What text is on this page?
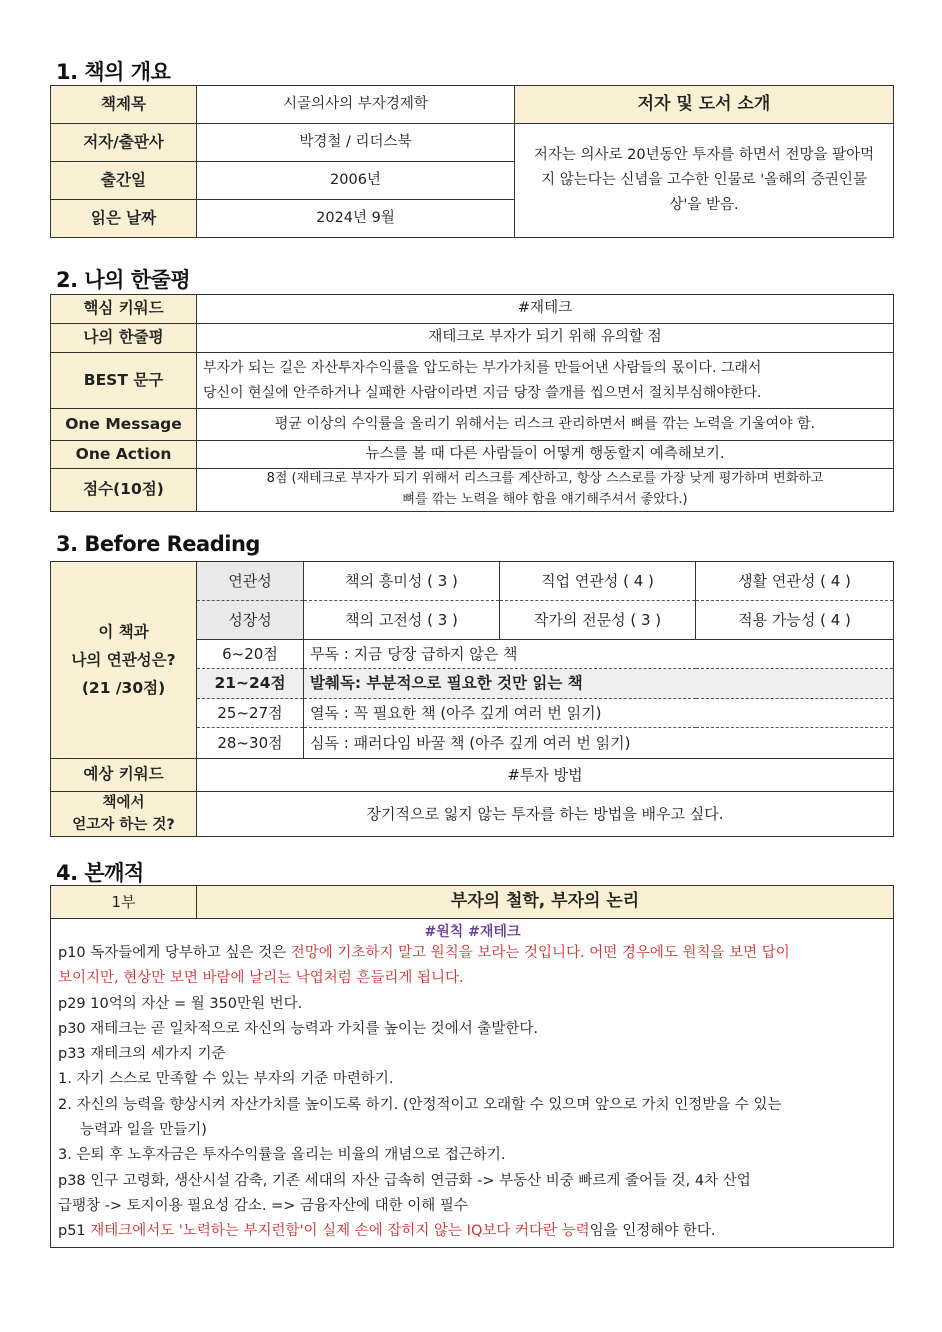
1. 책의 개요
책제목	시골의사의 부자경제학	저자 및 도서 소개
저자/출판사	박경철 / 리더스북	저자는 의사로 20년동안 투자를 하면서 전망을 팔아먹지 않는다는 신념을 고수한 인물로 '올해의 증권인물상'을 받음.
출간일	2006년	
읽은 날짜	2024년 9월	
2. 나의 한줄평
핵심 키워드	#재테크
나의 한줄평	재테크로 부자가 되기 위해 유의할 점
BEST 문구	부자가 되는 길은 자산투자수익률을 압도하는 부가가치를 만들어낸 사람들의 몫이다. 그래서
당신이 현실에 안주하거나 실패한 사람이라면 지금 당장 쓸개를 씹으면서 절치부심해야한다.

One Message	평균 이상의 수익률을 올리기 위해서는 리스크 관리하면서 뼈를 깎는 노력을 기울여야 함.
One Action	뉴스를 볼 때 다른 사람들이 어떻게 행동할지 예측해보기.
점수(10점)	8점 (재테크로 부자가 되기 위해서 리스크를 계산하고, 항상 스스로를 가장 낮게 평가하며 변화하고
뼈를 깎는 노력을 해야 함을 얘기해주셔서 좋았다.)
3. Before Reading
이 책과
나의 연관성은?
(21 /30점)	연관성	책의 흥미성 ( 3 )	직업 연관성 ( 4 )	생활 연관성 ( 4 )
	성장성	책의 고전성 ( 3 )	작가의 전문성 ( 3 )	적용 가능성 ( 4 )
	6~20점	무독 : 지금 당장 급하지 않은 책		
	21~24점	발췌독: 부분적으로 필요한 것만 읽는 책		
	25~27점	열독 : 꼭 필요한 책 (아주 깊게 여러 번 읽기)		
	28~30점	심독 : 패러다임 바꿀 책 (아주 깊게 여러 번 읽기)		
예상 키워드	#투자 방법			

책에서
얻고자 하는 것?	장기적으로 잃지 않는 투자를 하는 방법을 배우고 싶다.			
4. 본깨적
1부	부자의 철학, 부자의 논리

#원칙 #재테크

p10 독자들에게 당부하고 싶은 것은 전망에 기초하지 말고 원칙을 보라는 것입니다. 어떤 경우에도 원칙을 보면 답이

보이지만, 현상만 보면 바람에 날리는 낙엽처럼 흔들리게 됩니다.

p29 10억의 자산 = 월 350만원 번다.

p30 재테크는 곧 일차적으로 자신의 능력과 가치를 높이는 것에서 출발한다.

p33 재테크의 세가지 기준

1. 자기 스스로 만족할 수 있는 부자의 기준 마련하기.

2. 자신의 능력을 향상시켜 자산가치를 높이도록 하기. (안정적이고 오래할 수 있으며 앞으로 가치 인정받을 수 있는

능력과 일을 만들기)

3. 은퇴 후 노후자금은 투자수익률을 올리는 비율의 개념으로 접근하기.

p38 인구 고령화, 생산시설 감축, 기존 세대의 자산 급속히 연금화 -> 부동산 비중 빠르게 줄어들 것, 4차 산업

급팽창 -> 토지이용 필요성 감소. => 금융자산에 대한 이해 필수

p51 재테크에서도 '노력하는 부지런함'이 실제 손에 잡히지 않는 IQ보다 커다란 능력임을 인정해야 한다.
